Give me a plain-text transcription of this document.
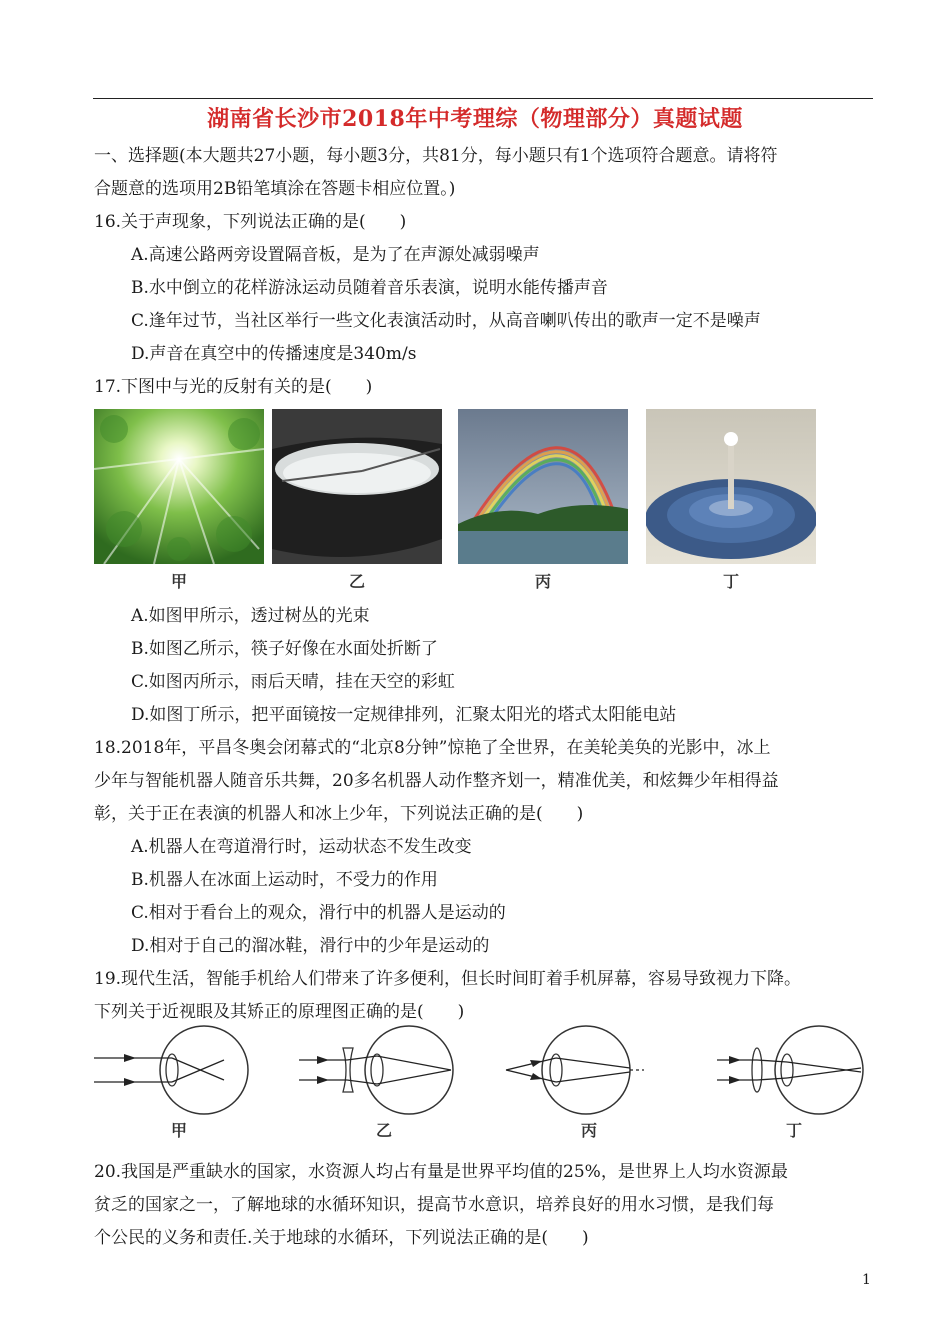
湖南省长沙市2018年中考理综（物理部分）真题试题
一、选择题(本大题共27小题，每小题3分，共81分，每小题只有1个选项符合题意。请将符
合题意的选项用2B铅笔填涂在答题卡相应位置。)
16.关于声现象，下列说法正确的是(　　)
A.高速公路两旁设置隔音板，是为了在声源处减弱噪声
B.水中倒立的花样游泳运动员随着音乐表演，说明水能传播声音
C.逢年过节，当社区举行一些文化表演活动时，从高音喇叭传出的歌声一定不是噪声
D.声音在真空中的传播速度是340m/s
17.下图中与光的反射有关的是(　　)
甲	乙	丙	丁
A.如图甲所示，透过树丛的光束
B.如图乙所示，筷子好像在水面处折断了
C.如图丙所示，雨后天晴，挂在天空的彩虹
D.如图丁所示，把平面镜按一定规律排列，汇聚太阳光的塔式太阳能电站
18.2018年，平昌冬奥会闭幕式的“北京8分钟”惊艳了全世界，在美轮美奂的光影中，冰上
少年与智能机器人随音乐共舞，20多名机器人动作整齐划一，精准优美，和炫舞少年相得益
彰，关于正在表演的机器人和冰上少年，下列说法正确的是(　　)
A.机器人在弯道滑行时，运动状态不发生改变
B.机器人在冰面上运动时，不受力的作用
C.相对于看台上的观众，滑行中的机器人是运动的
D.相对于自己的溜冰鞋，滑行中的少年是运动的
19.现代生活，智能手机给人们带来了许多便利，但长时间盯着手机屏幕，容易导致视力下降。
下列关于近视眼及其矫正的原理图正确的是(　　)
甲	乙	丙	丁
20.我国是严重缺水的国家，水资源人均占有量是世界平均值的25%，是世界上人均水资源最
贫乏的国家之一，了解地球的水循环知识，提高节水意识，培养良好的用水习惯，是我们每
个公民的义务和责任.关于地球的水循环，下列说法正确的是(　　)
1
